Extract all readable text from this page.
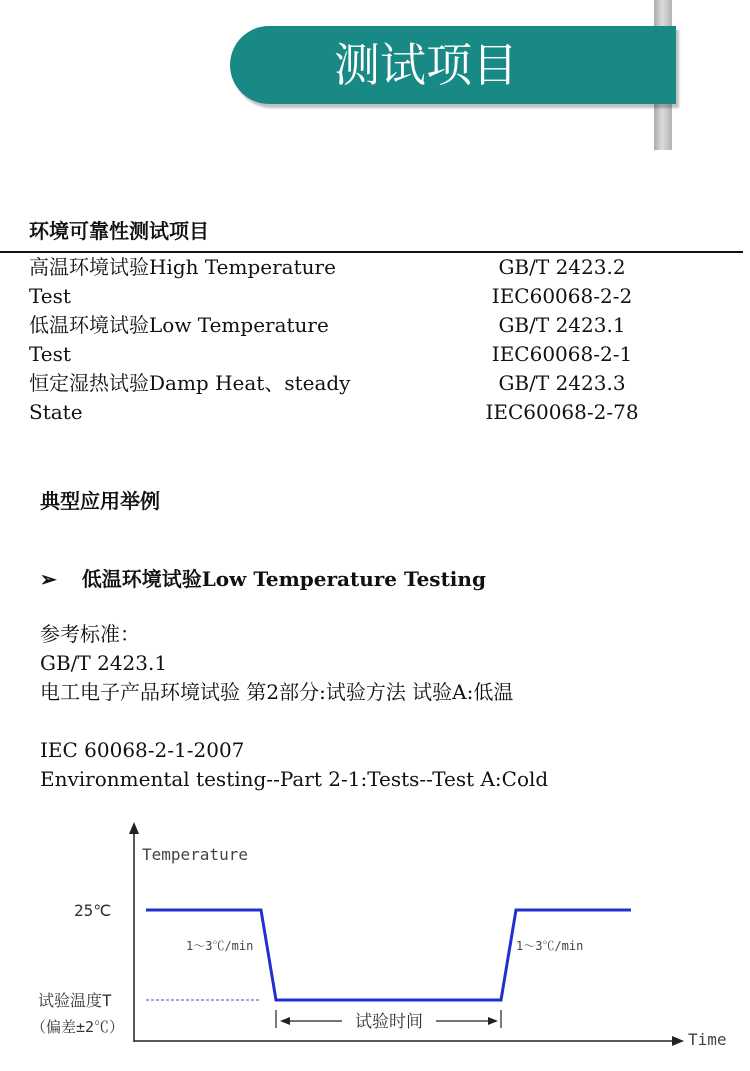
测试项目
环境可靠性测试项目
高温环境试验High Temperature	GB/T 2423.2
Test	IEC60068-2-2
低温环境试验Low Temperature	GB/T 2423.1
Test	IEC60068-2-1
恒定湿热试验Damp Heat、steady	GB/T 2423.3
State	IEC60068-2-78
典型应用举例
➢ 低温环境试验Low Temperature Testing
参考标准：
GB/T 2423.1
电工电子产品环境试验 第2部分:试验方法 试验A:低温
IEC 60068-2-1-2007
Environmental testing--Part 2-1:Tests--Test A:Cold
Temperature
Time
25℃
1～3℃/min	1～3℃/min
试验温度T
（偏差±2℃）	试验时间
